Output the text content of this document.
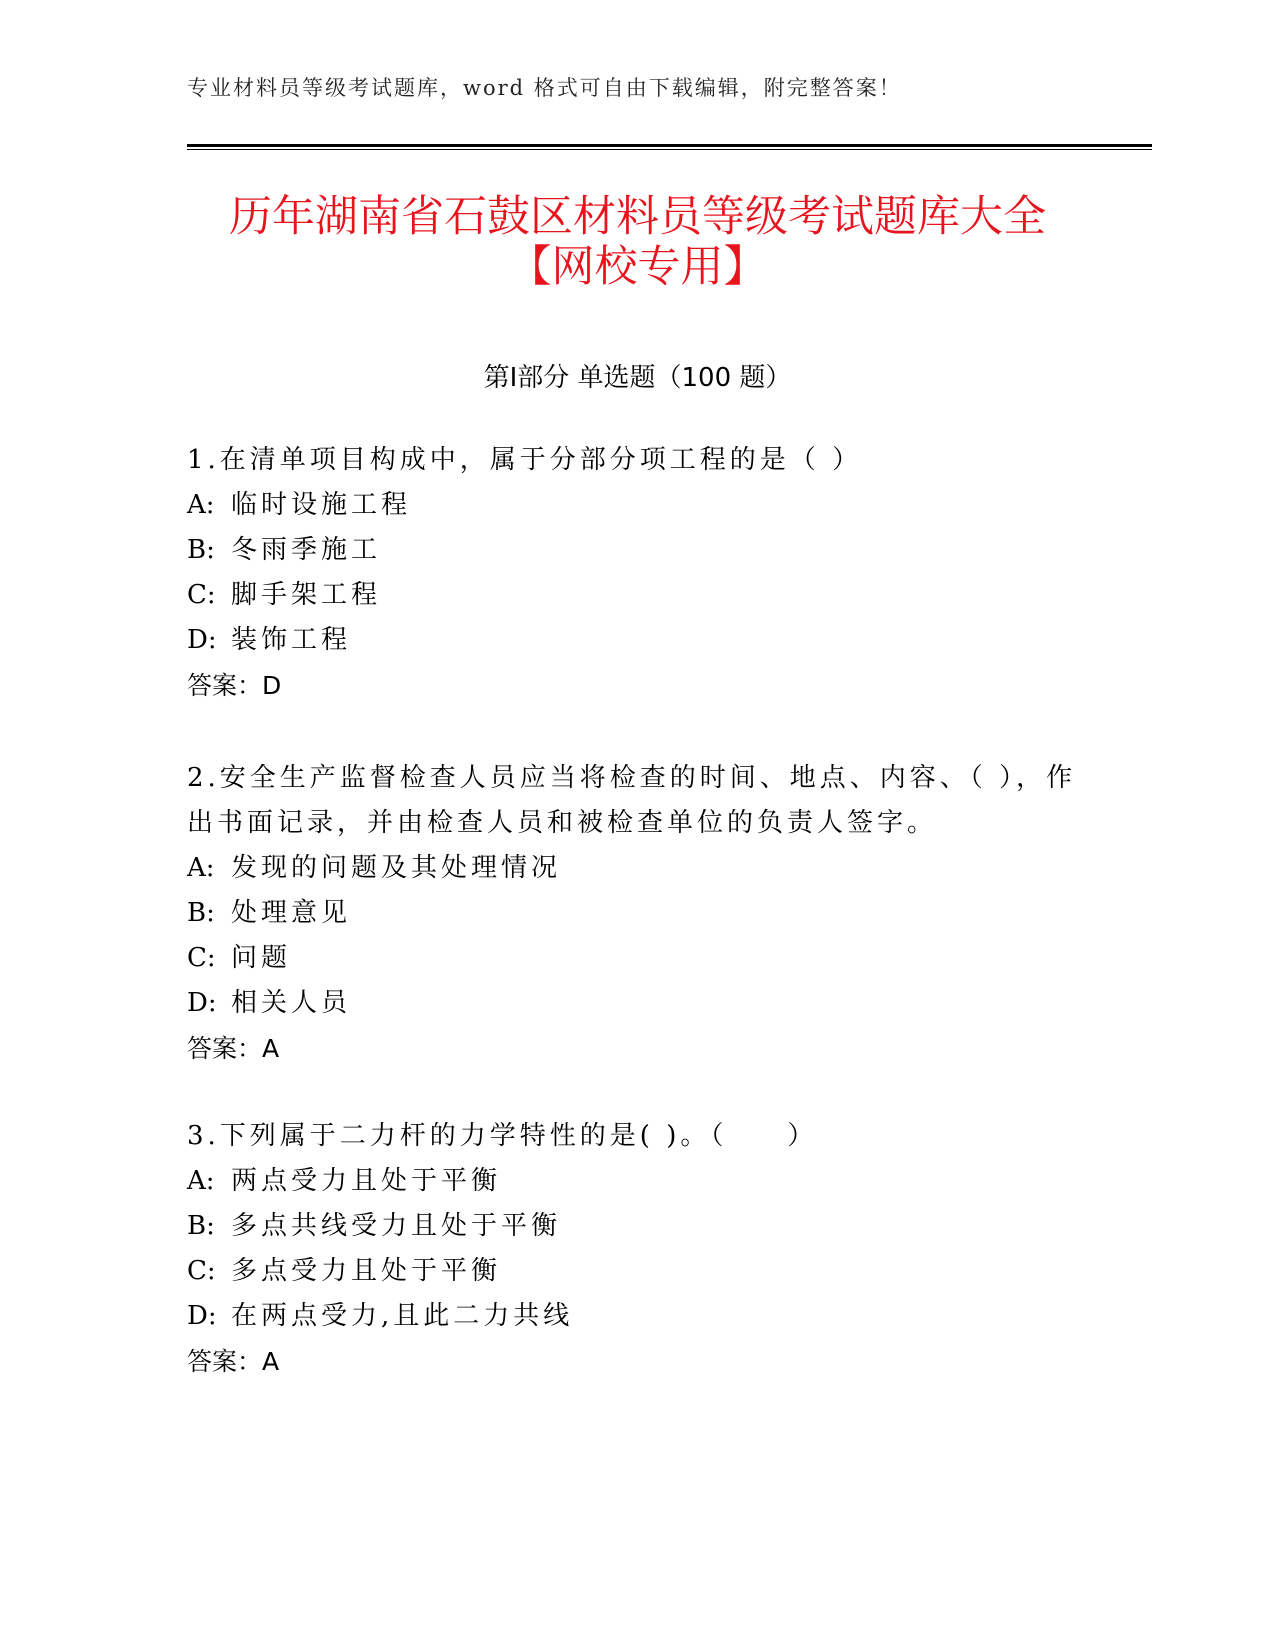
专业材料员等级考试题库，word 格式可自由下载编辑，附完整答案！
历年湖南省石鼓区材料员等级考试题库大全【网校专用】
第Ⅰ部分 单选题（100 题）

1.在清单项目构成中，属于分部分项工程的是（ ）

A: 临时设施工程

B: 冬雨季施工

C: 脚手架工程

D: 装饰工程

答案：D

2.安全生产监督检查人员应当将检查的时间、地点、内容、（ ），作出书面记录，并由检查人员和被检查单位的负责人签字。

A: 发现的问题及其处理情况

B: 处理意见

C: 问题

D: 相关人员

答案：A

3.下列属于二力杆的力学特性的是( )。（　　）

A: 两点受力且处于平衡

B: 多点共线受力且处于平衡

C: 多点受力且处于平衡

D: 在两点受力,且此二力共线

答案：A
